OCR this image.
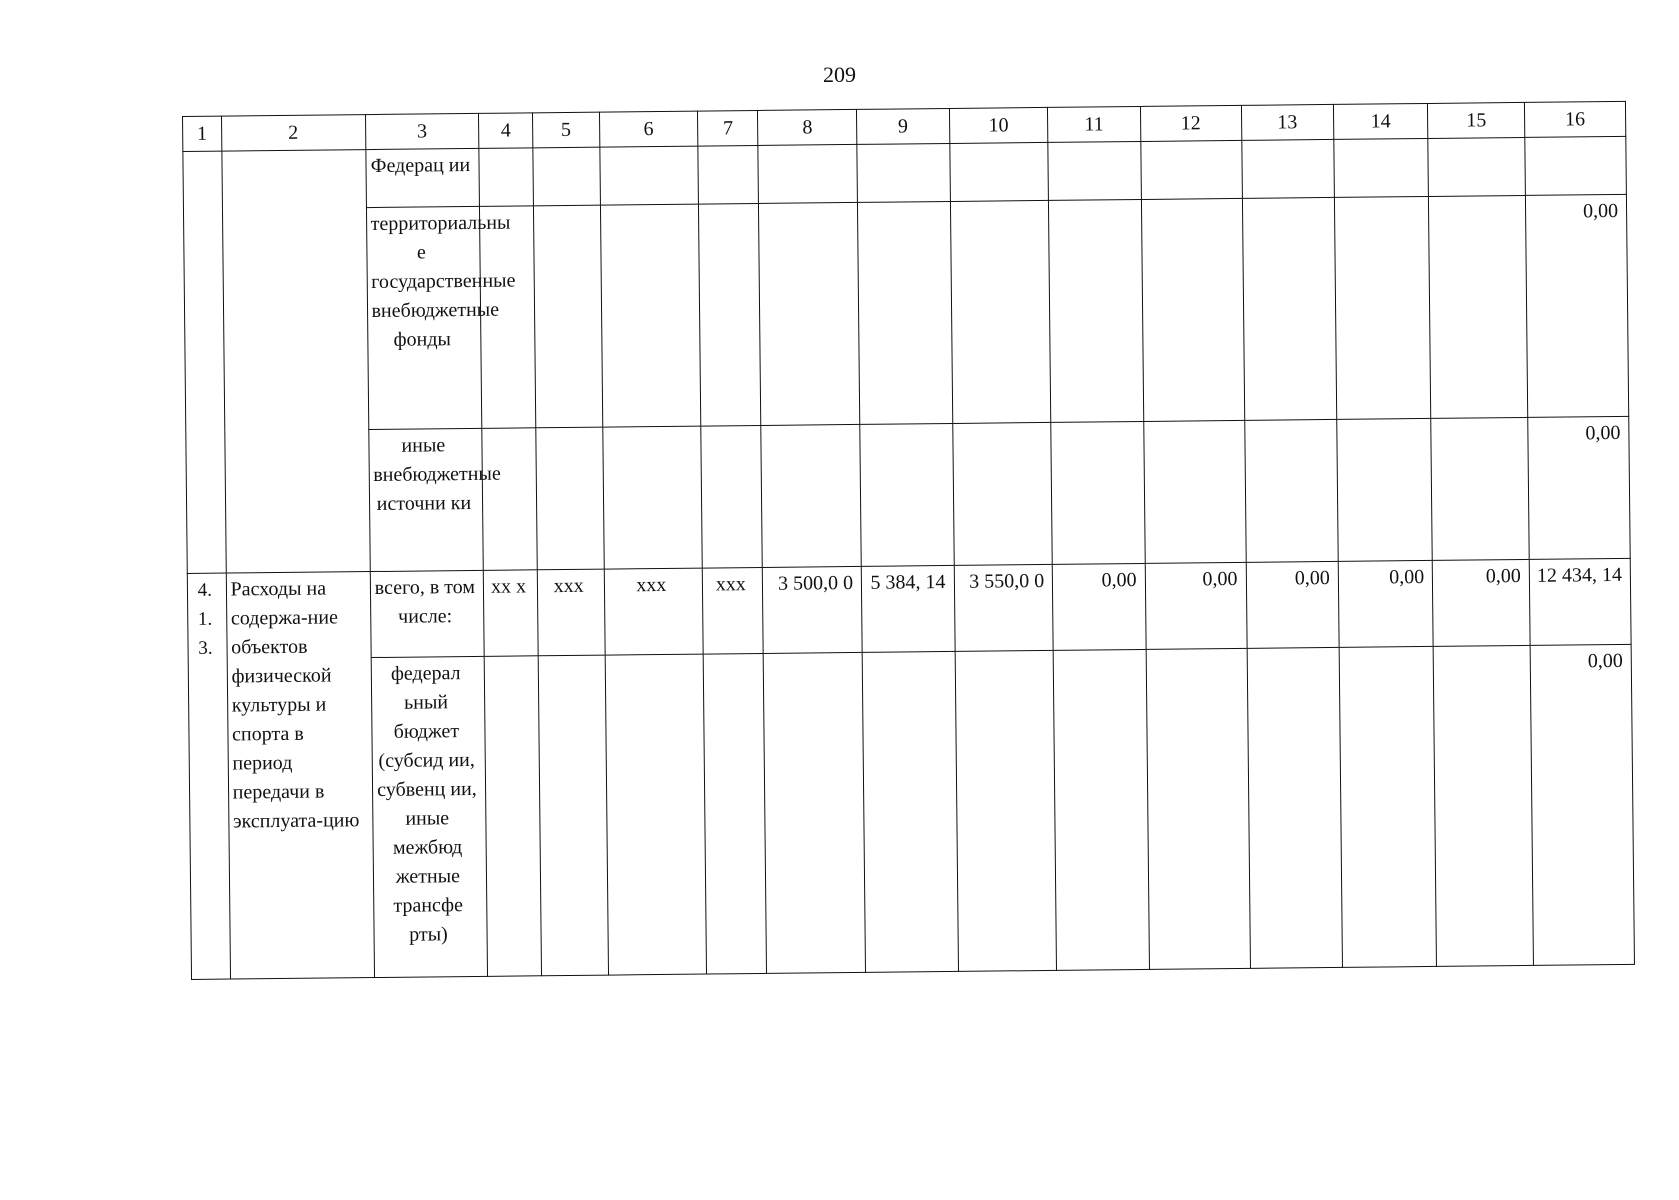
209
1	2	3	4	5	6	7	8	9	10	11	12	13	14	15	16
		Федерац ии													
		территориальны е государственные внебюджетные фонды													0,00
		иные внебюджетные источни ки													0,00
4. 1. 3.	Расходы на содержа-ние объектов физической культуры и спорта в период передачи в эксплуата-цию	всего, в том числе:	хх х	ххх	ххх	ххх	3 500,0 0	5 384, 14	3 550,0 0	0,00	0,00	0,00	0,00	0,00	12 434, 14
		федерал ьный бюджет (субсид ии, субвенц ии, иные межбюд жетные трансфе рты)													0,00
